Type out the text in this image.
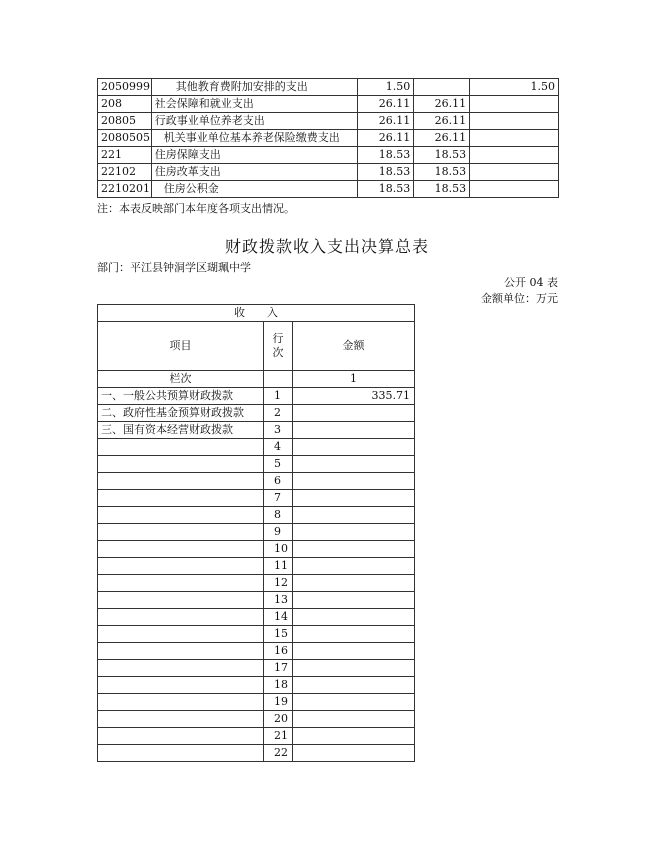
2050999	其他教育费附加安排的支出	1.50		1.50
208	社会保障和就业支出	26.11	26.11	
20805	行政事业单位养老支出	26.11	26.11	
2080505	机关事业单位基本养老保险缴费支出	26.11	26.11	
221	住房保障支出	18.53	18.53	
22102	住房改革支出	18.53	18.53	
2210201	住房公积金	18.53	18.53	
注：本表反映部门本年度各项支出情况。
财政拨款收入支出决算总表
部门：平江县钟洞学区瑚珮中学
公开 04 表
金额单位：万元
收　　入		
项目	行次	金额
栏次		1
一、一般公共预算财政拨款	1	335.71
二、政府性基金预算财政拨款	2	
三、国有资本经营财政拨款	3	
	4	
	5	
	6	
	7	
	8	
	9	
	10	
	11	
	12	
	13	
	14	
	15	
	16	
	17	
	18	
	19	
	20	
	21	
	22	
